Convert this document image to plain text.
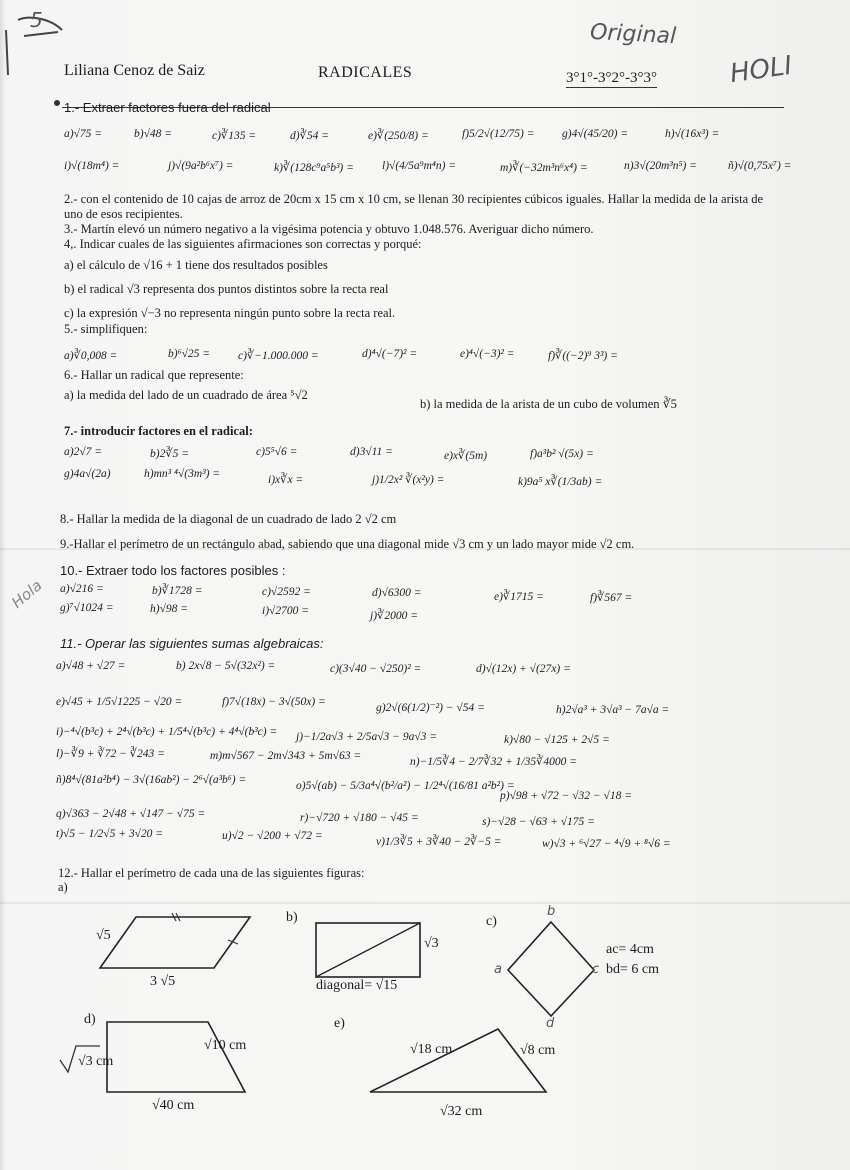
5	Original
HOLI
Hola
Liliana Cenoz de Saiz	RADICALES	3°1°-3°2°-3°3°
1.- Extraer factores fuera del radical
a)√75 =	b)√48 =	c)∛135 =	d)∛54 =	e)∛(250/8) =	f)5/2√(12/75) = g)4√(45/20) =	h)√(16x³) =
i)√(18m⁴) =	j)√(9a²b⁶x⁷) =	k)∛(128c⁹a⁵b³) = l)√(4/5a⁹m⁴n) =	m)∛(−32m³n⁶x⁴) =	n)3√(20m³n⁵) =	ñ)√(0,75x⁷) =
2.- con el contenido de 10 cajas de arroz de 20cm x 15 cm x 10 cm, se llenan 30 recipientes cúbicos iguales. Hallar la medida de la arista de
uno de esos recipientes.
3.- Martín elevó un número negativo a la vigésima potencia y obtuvo 1.048.576. Averiguar dicho número.
4,. Indicar cuales de las siguientes afirmaciones son correctas y porqué:
a) el cálculo de √16 + 1 tiene dos resultados posibles
b) el radical √3 representa dos puntos distintos sobre la recta real
c) la expresión √−3 no representa ningún punto sobre la recta real.
5.- simplifiquen:
a)∛0,008 =	b)⁶√25 = c)∛−1.000.000 =	d)⁴√(−7)² =	e)⁴√(−3)² =	f)∛((−2)⁹ 3³) =
6.- Hallar un radical que represente:
a) la medida del lado de un cuadrado de área ⁵√2
b) la medida de la arista de un cubo de volumen ∛5
7.- introducir factores en el radical:
a)2√7 =	b)2∛5 =	c)5⁵√6 =	d)3√11 =	e)x∛(5m)	f)a³b² √(5x) =
g)4a√(2a)	h)mn³ ⁴√(3m³) =	i)x∛x =	j)1/2x² ∛(x²y) =	k)9a⁵ x∛(1/3ab) =
8.- Hallar la medida de la diagonal de un cuadrado de lado 2 √2 cm
9.-Hallar el perímetro de un rectángulo abad, sabiendo que una diagonal mide √3 cm y un lado mayor mide √2 cm.
10.- Extraer todo los factores posibles :
a)√216 =	b)∛1728 =	c)√2592 =	d)√6300 =	e)∛1715 =	f)∛567 =
g)⁷√1024 =	h)√98 =	i)√2700 =	j)∛2000 =
11.- Operar las siguientes sumas algebraicas:
a)√48 + √27 =	b) 2x√8 − 5√(32x²) =	c)(3√40 − √250)² =	d)√(12x) + √(27x) =
e)√45 + 1/5√1225 − √20 =	f)7√(18x) − 3√(50x) =	g)2√(6(1/2)⁻²) − √54 =	h)2√a³ + 3√a³ − 7a√a =
i)−⁴√(b³c) + 2⁴√(b³c) + 1/5⁴√(b³c) + 4⁴√(b³c) = j)−1/2a√3 + 2/5a√3 − 9a√3 =	k)√80 − √125 + 2√5 =
l)−∛9 + ∛72 − ∛243 =	m)m√567 − 2m√343 + 5m√63 =	n)−1/5∛4 − 2/7∛32 + 1/35∛4000 =
ñ)8⁴√(81a²b⁴) − 3√(16ab²) − 2⁶√(a³b⁶) =	o)5√(ab) − 5/3a⁴√(b²/a²) − 1/2⁴√(16/81 a²b²) =
p)√98 + √72 − √32 − √18 =
q)√363 − 2√48 + √147 − √75 =	r)−√720 + √180 − √45 =	s)−√28 − √63 + √175 =
t)√5 − 1/2√5 + 3√20 =	u)√2 − √200 + √72 =	v)1/3∛5 + 3∛40 − 2∛−5 =	w)√3 + ⁶√27 − ⁴√9 + ⁸√6 =
12.- Hallar el perímetro de cada una de las siguientes figuras:
a)
√5
3 √5
b)
√3
diagonal= √15
c)
ac= 4cm
bd= 6 cm
b
a	c
d
d)
√3 cm
√10 cm
√40 cm
e)
√18 cm	√8 cm
√32 cm
